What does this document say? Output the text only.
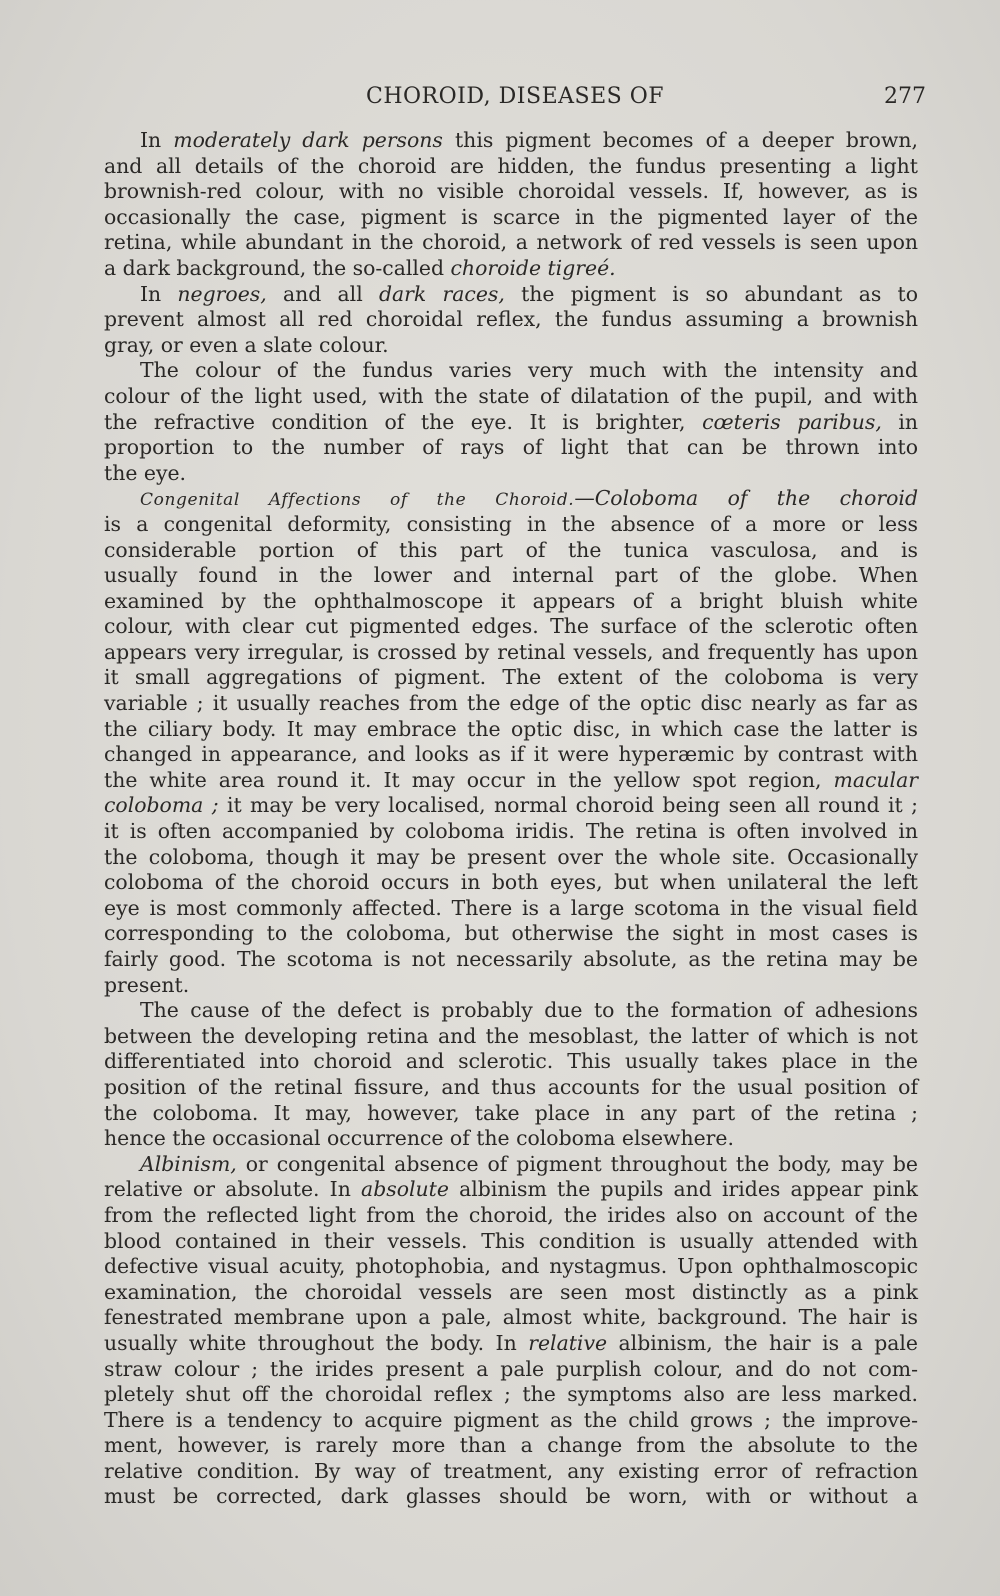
CHOROID, DISEASES OF	277
In moderately dark persons this pigment becomes of a deeper brown,
and all details of the choroid are hidden, the fundus presenting a light
brownish-red colour, with no visible choroidal vessels. If, however, as is
occasionally the case, pigment is scarce in the pigmented layer of the
retina, while abundant in the choroid, a network of red vessels is seen upon
a dark background, the so-called choroide tigreé.
In negroes, and all dark races, the pigment is so abundant as to
prevent almost all red choroidal reflex, the fundus assuming a brownish
gray, or even a slate colour.
The colour of the fundus varies very much with the intensity and
colour of the light used, with the state of dilatation of the pupil, and with
the refractive condition of the eye. It is brighter, cœteris paribus, in
proportion to the number of rays of light that can be thrown into
the eye.
Congenital Affections of the Choroid.—Coloboma of the choroid
is a congenital deformity, consisting in the absence of a more or less
considerable portion of this part of the tunica vasculosa, and is
usually found in the lower and internal part of the globe. When
examined by the ophthalmoscope it appears of a bright bluish white
colour, with clear cut pigmented edges. The surface of the sclerotic often
appears very irregular, is crossed by retinal vessels, and frequently has upon
it small aggregations of pigment. The extent of the coloboma is very
variable ; it usually reaches from the edge of the optic disc nearly as far as
the ciliary body. It may embrace the optic disc, in which case the latter is
changed in appearance, and looks as if it were hyperæmic by contrast with
the white area round it. It may occur in the yellow spot region, macular
coloboma ; it may be very localised, normal choroid being seen all round it ;
it is often accompanied by coloboma iridis. The retina is often involved in
the coloboma, though it may be present over the whole site. Occasionally
coloboma of the choroid occurs in both eyes, but when unilateral the left
eye is most commonly affected. There is a large scotoma in the visual field
corresponding to the coloboma, but otherwise the sight in most cases is
fairly good. The scotoma is not necessarily absolute, as the retina may be
present.
The cause of the defect is probably due to the formation of adhesions
between the developing retina and the mesoblast, the latter of which is not
differentiated into choroid and sclerotic. This usually takes place in the
position of the retinal fissure, and thus accounts for the usual position of
the coloboma. It may, however, take place in any part of the retina ;
hence the occasional occurrence of the coloboma elsewhere.
Albinism, or congenital absence of pigment throughout the body, may be
relative or absolute. In absolute albinism the pupils and irides appear pink
from the reflected light from the choroid, the irides also on account of the
blood contained in their vessels. This condition is usually attended with
defective visual acuity, photophobia, and nystagmus. Upon ophthalmoscopic
examination, the choroidal vessels are seen most distinctly as a pink
fenestrated membrane upon a pale, almost white, background. The hair is
usually white throughout the body. In relative albinism, the hair is a pale
straw colour ; the irides present a pale purplish colour, and do not com-
pletely shut off the choroidal reflex ; the symptoms also are less marked.
There is a tendency to acquire pigment as the child grows ; the improve-
ment, however, is rarely more than a change from the absolute to the
relative condition. By way of treatment, any existing error of refraction
must be corrected, dark glasses should be worn, with or without a
